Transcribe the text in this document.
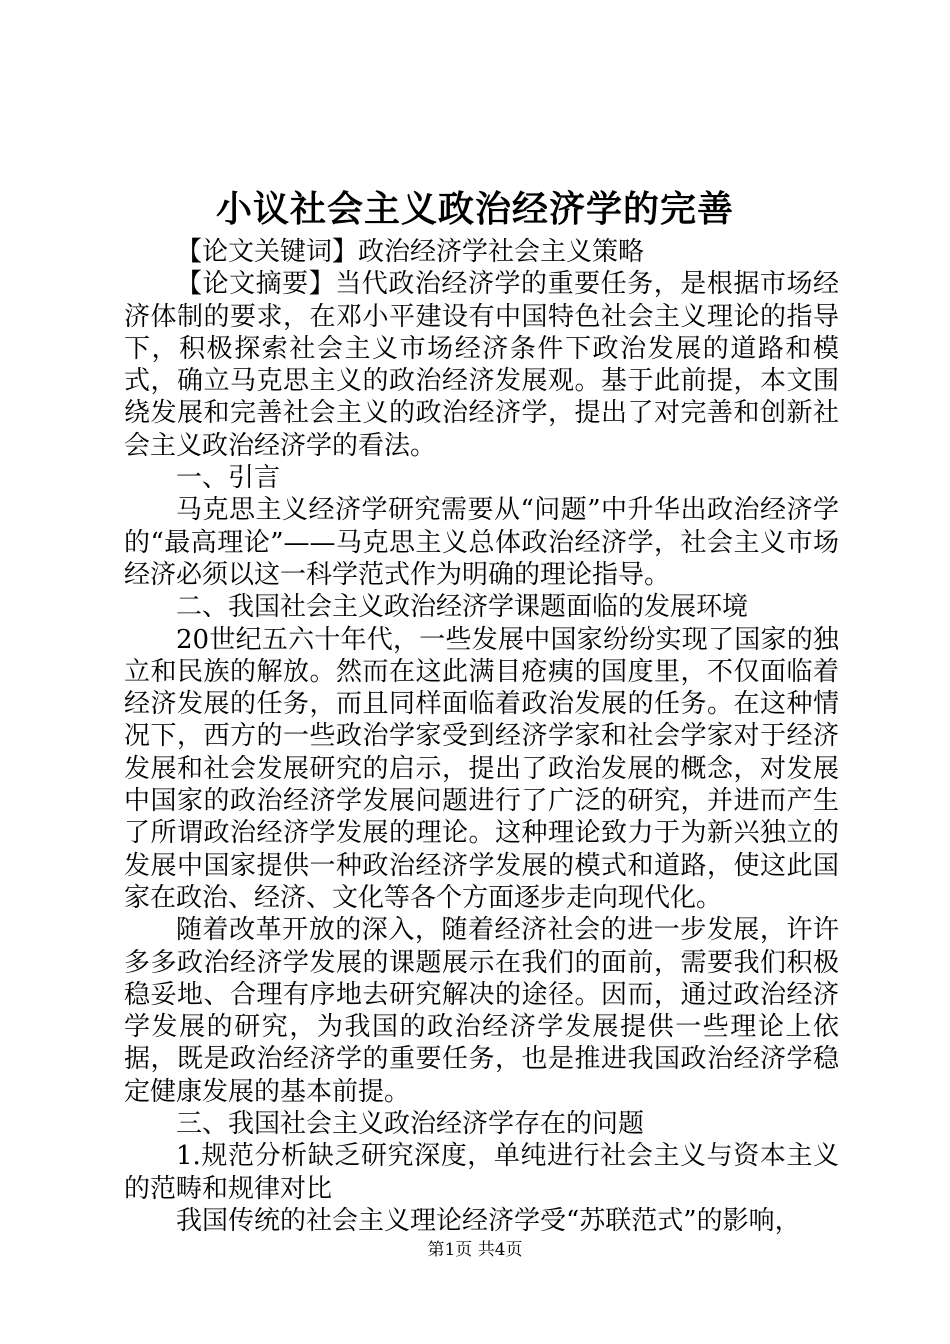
小议社会主义政治经济学的完善

【论文关键词】政治经济学社会主义策略

【论文摘要】当代政治经济学的重要任务，是根据市场经济体制的要求，在邓小平建设有中国特色社会主义理论的指导下，积极探索社会主义市场经济条件下政治发展的道路和模式，确立马克思主义的政治经济发展观。基于此前提，本文围绕发展和完善社会主义的政治经济学，提出了对完善和创新社会主义政治经济学的看法。

一、引言

马克思主义经济学研究需要从“问题”中升华出政治经济学的“最高理论”——马克思主义总体政治经济学，社会主义市场经济必须以这一科学范式作为明确的理论指导。

二、我国社会主义政治经济学课题面临的发展环境

20世纪五六十年代，一些发展中国家纷纷实现了国家的独立和民族的解放。然而在这此满目疮痍的国度里，不仅面临着经济发展的任务，而且同样面临着政治发展的任务。在这种情况下，西方的一些政治学家受到经济学家和社会学家对于经济发展和社会发展研究的启示，提出了政治发展的概念，对发展中国家的政治经济学发展问题进行了广泛的研究，并进而产生了所谓政治经济学发展的理论。这种理论致力于为新兴独立的发展中国家提供一种政治经济学发展的模式和道路，使这此国家在政治、经济、文化等各个方面逐步走向现代化。

随着改革开放的深入，随着经济社会的进一步发展，许许多多政治经济学发展的课题展示在我们的面前，需要我们积极稳妥地、合理有序地去研究解决的途径。因而，通过政治经济学发展的研究，为我国的政治经济学发展提供一些理论上依据，既是政治经济学的重要任务，也是推进我国政治经济学稳定健康发展的基本前提。

三、我国社会主义政治经济学存在的问题

1.规范分析缺乏研究深度，单纯进行社会主义与资本主义的范畴和规律对比

我国传统的社会主义理论经济学受“苏联范式”的影响，

第1页 共4页
